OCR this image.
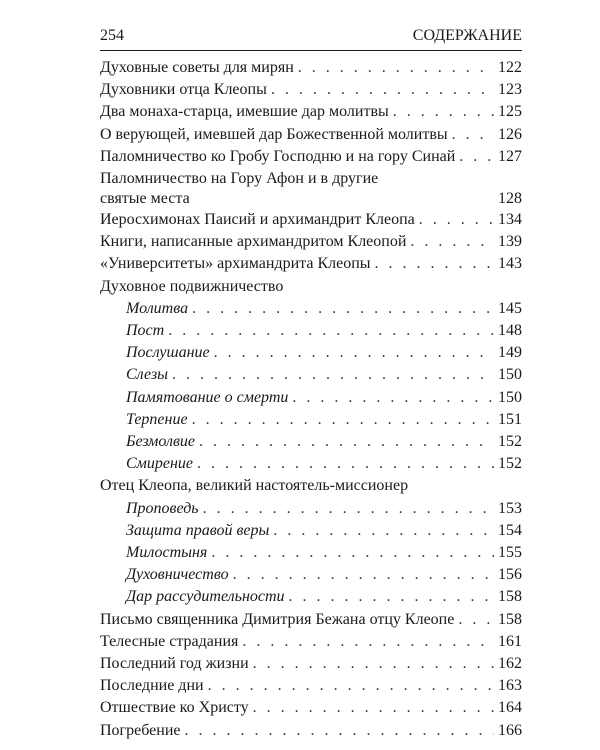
254	СОДЕРЖАНИЕ
Духовные советы для мирян . . .	122
Духовники отца Клеопы . . .	123
Два монаха-старца, имевшие дар молитвы . . .	125
О верующей, имевшей дар Божественной молитвы . . .	126
Паломничество ко Гробу Господню и на гору Синай . . .	127
Паломничество на Гору Афон и в другие
святые места	128
Иеросхимонах Паисий и архимандрит Клеопа . . .	134
Книги, написанные архимандритом Клеопой . . .	139
«Университеты» архимандрита Клеопы . . .	143
Духовное подвижничество
Молитва . . .	145
Пост . . .	148
Послушание . . .	149
Слезы . . .	150
Памятование о смерти . . .	150
Терпение . . .	151
Безмолвие . . .	152
Смирение . . .	152
Отец Клеопа, великий настоятель-миссионер
Проповедь . . .	153
Защита правой веры . . .	154
Милостыня . . .	155
Духовничество . . .	156
Дар рассудительности . . .	158
Письмо священника Димитрия Бежана отцу Клеопе . . .	158
Телесные страдания . . .	161
Последний год жизни . . .	162
Последние дни . . .	163
Отшествие ко Христу . . .	164
Погребение . . .	166
